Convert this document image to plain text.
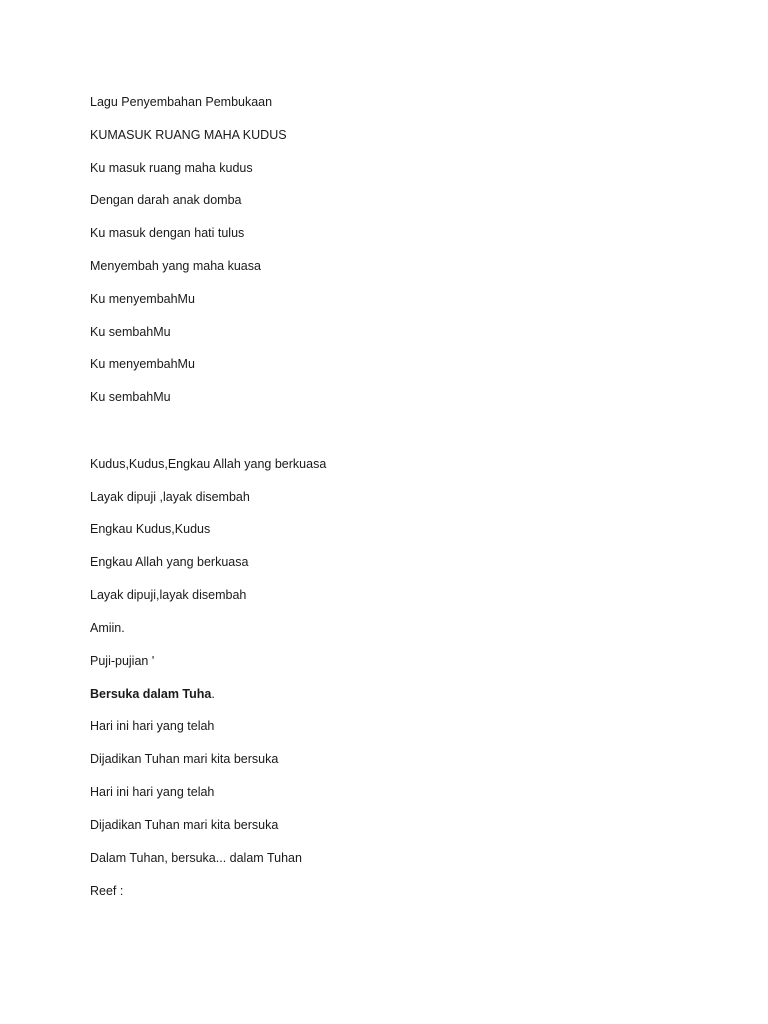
Lagu Penyembahan Pembukaan
KUMASUK RUANG MAHA KUDUS
Ku masuk ruang maha kudus
Dengan darah anak domba
Ku masuk dengan hati tulus
Menyembah yang maha kuasa
Ku menyembahMu
Ku sembahMu
Ku menyembahMu
Ku sembahMu
Kudus,Kudus,Engkau Allah yang berkuasa
Layak dipuji ,layak disembah
Engkau Kudus,Kudus
Engkau Allah yang berkuasa
Layak dipuji,layak disembah
Amiin.
Puji-pujian '
Bersuka dalam Tuha.
Hari ini hari yang telah
Dijadikan Tuhan mari kita bersuka
Hari ini hari yang telah
Dijadikan Tuhan mari kita bersuka
Dalam Tuhan, bersuka... dalam Tuhan
Reef :
